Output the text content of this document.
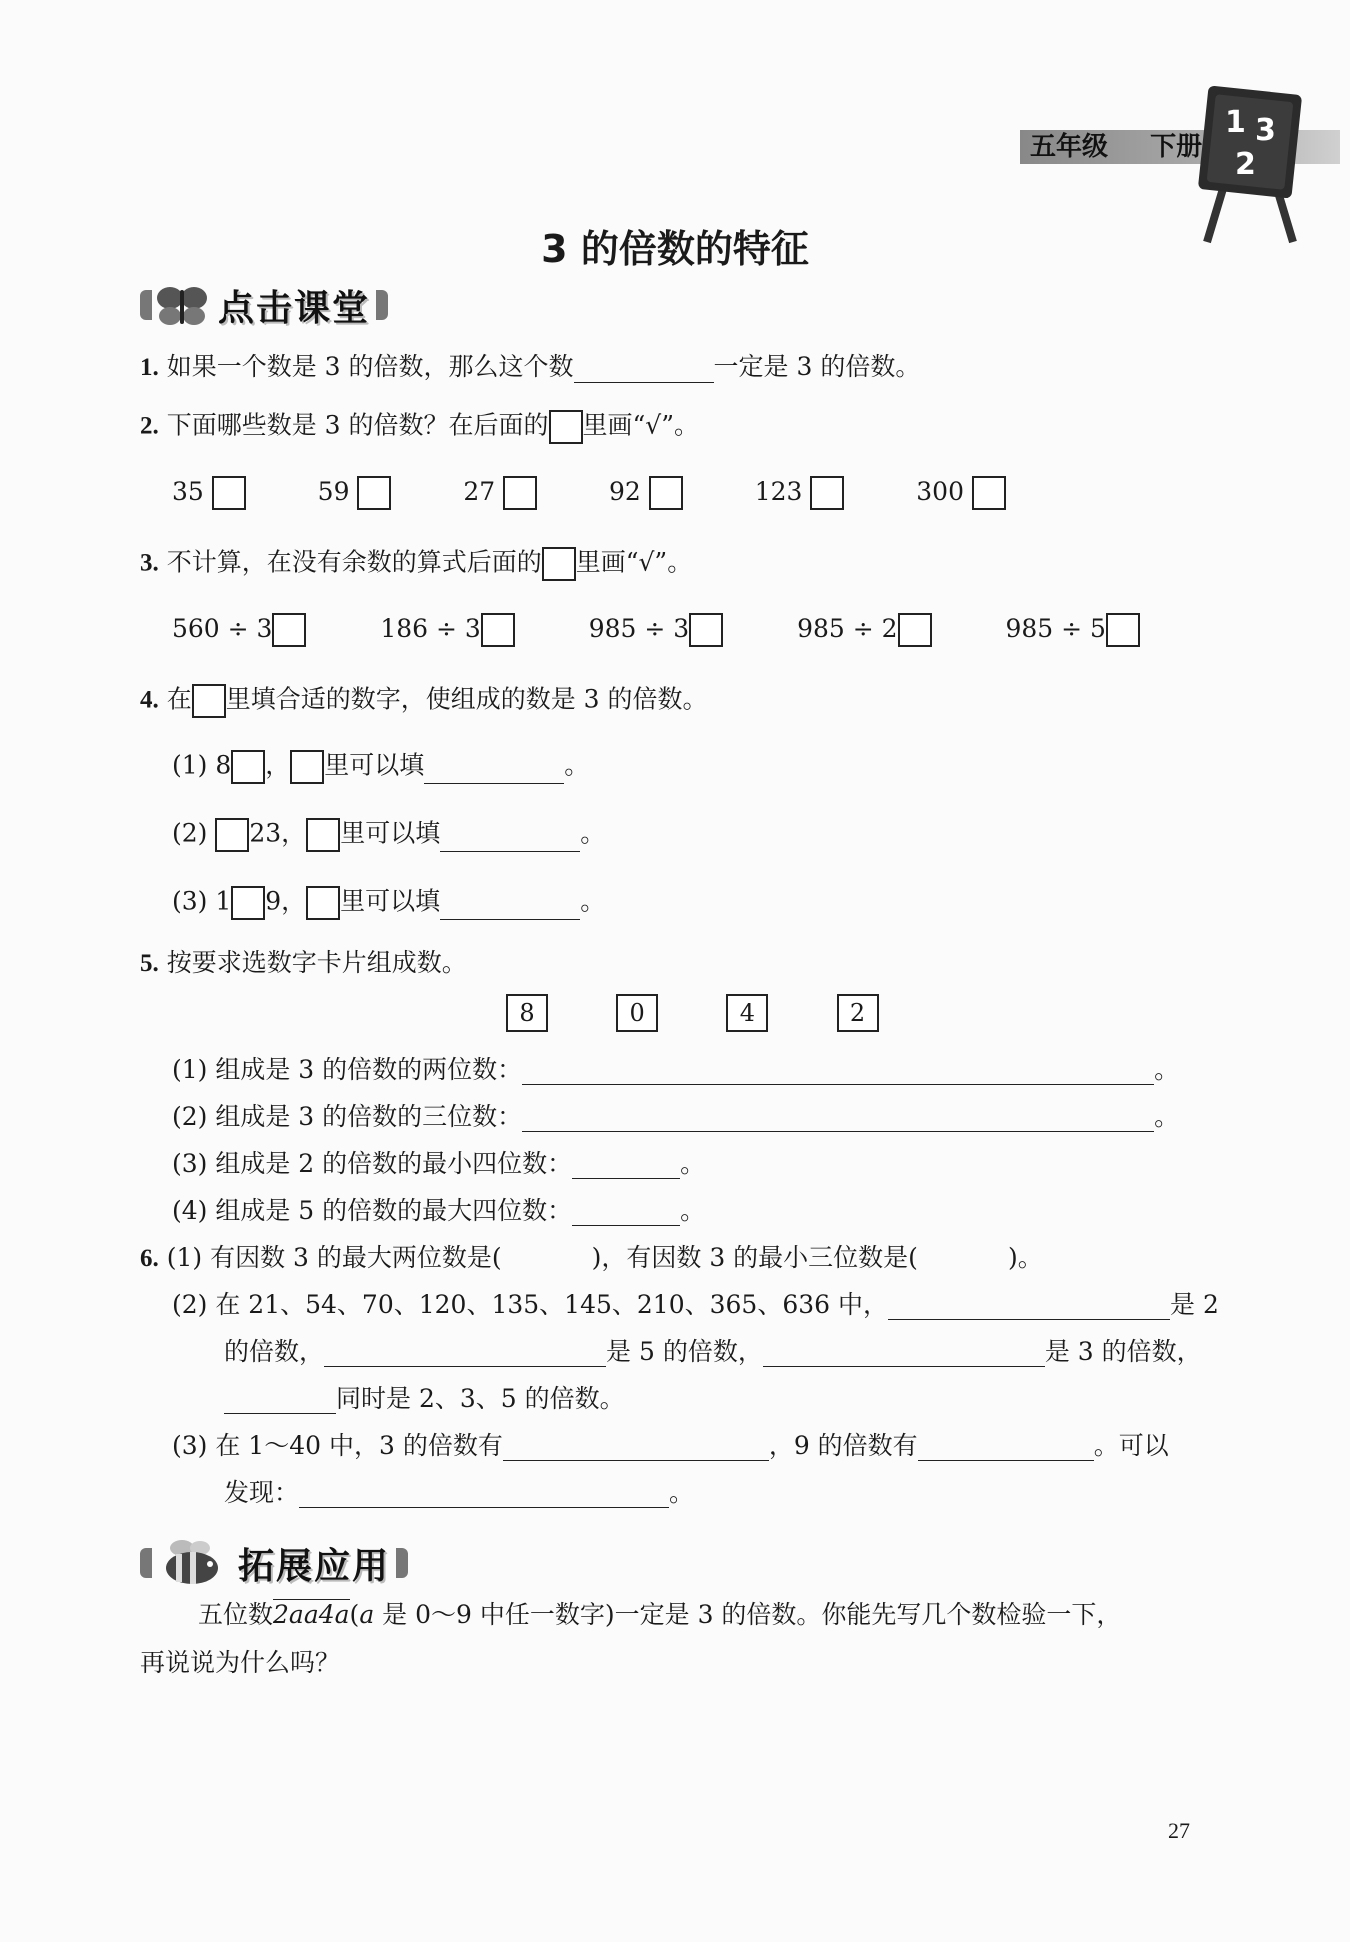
五年级 下册
1 3
2
3 的倍数的特征
点击课堂
1. 如果一个数是 3 的倍数，那么这个数	一定是 3 的倍数。
2. 下面哪些数是 3 的倍数？在后面的 里画“√”。
35	59	27	92	123	300
3. 不计算，在没有余数的算式后面的 里画“√”。
560 ÷ 3	186 ÷ 3	985 ÷ 3	985 ÷ 2	985 ÷ 5
4. 在 里填合适的数字，使组成的数是 3 的倍数。
(1) 8 ， 里可以填	。
(2) 23， 里可以填	。
(3) 1 9， 里可以填	。
5. 按要求选数字卡片组成数。
8	0	4	2
(1) 组成是 3 的倍数的两位数：	。
(2) 组成是 3 的倍数的三位数：	。
(3) 组成是 2 的倍数的最小四位数：	。
(4) 组成是 5 的倍数的最大四位数：	。
6. (1) 有因数 3 的最大两位数是(	)，有因数 3 的最小三位数是(	)。
(2) 在 21、54、70、120、135、145、210、365、636 中，	是 2
的倍数，	是 5 的倍数，	是 3 的倍数，
同时是 2、3、5 的倍数。
(3) 在 1～40 中，3 的倍数有	，9 的倍数有	。可以
发现：	。
拓展应用
五位数2aa4a(a 是 0～9 中任一数字)一定是 3 的倍数。你能先写几个数检验一下，
再说说为什么吗？
27
